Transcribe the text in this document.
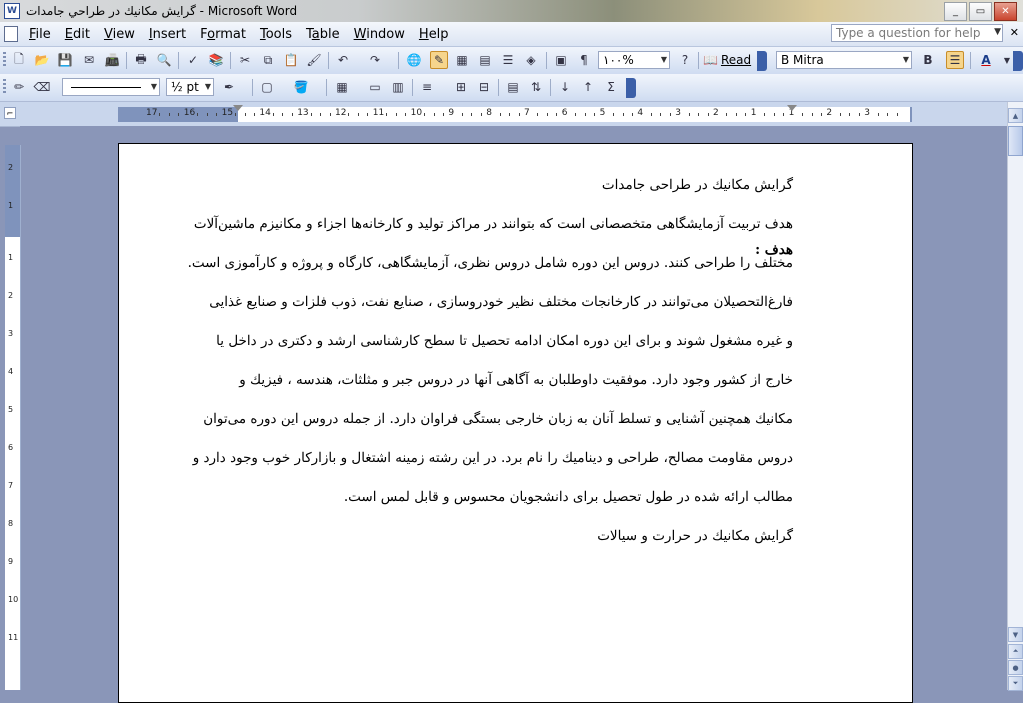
W گرايش مکانيك در طراحي جامدات - Microsoft Word	_	▭	✕
File	Edit	View	Insert	Format	Tools	Table	Window	Help	Type a question for help	▼ ✕
🗋 📂 💾 ✉ 📠 🖶 🔍	✓ 📚	✂	⧉ 📋 🖌	↶	↷	🌐	✎	▦ ▤ ☰	◈	▣	¶	۱۰۰%	▼	?	📖 Read	B Mitra	▼	B	☰	A	▼
✏ ⌫	▼	½ pt ▼	✒	▢ 🪣 ▦ ▭ ▥	≡	⊞	⊟	▤	⇅	↓	↑	Σ
⌐	17	16	15	14	13	12	11	10	9	8	7	6	5	4	3	2	1	1	2	3
2
1
1
2
3
4
5
6
7
8
9
10
11
هدف :
گرايش مکانيك در طراحی جامدات
هدف تربيت آزمايشگاهی متخصصانی است که بتوانند در مراکز توليد و کارخانه‌ها اجزاء و مکانيزم ماشين‌آلات
مختلف را طراحی کنند. دروس اين دوره شامل دروس نظری، آزمايشگاهی، کارگاه و پروژه و کارآموزی است.
فارغ‌التحصيلان می‌توانند در کارخانجات مختلف نظير خودروسازی ، صنايع نفت، ذوب فلزات و صنايع غذايی
و غيره مشغول شوند و برای اين دوره امکان ادامه تحصيل تا سطح کارشناسی ارشد و دکتری در داخل يا
خارج از کشور وجود دارد. موفقيت داوطلبان به آگاهی آنها در دروس جبر و مثلثات، هندسه ، فيزيك و
مکانيك همچنين آشنايی و تسلط آنان به زبان خارجی بستگی فراوان دارد. از جمله دروس اين دوره می‌توان
دروس مقاومت مصالح، طراحی و ديناميك را نام برد. در اين رشته زمينه اشتغال و بازارکار خوب وجود دارد و
مطالب ارائه شده در طول تحصيل برای دانشجويان محسوس و قابل لمس است.
گرايش مکانيك در حرارت و سيالات
▲
▼
⏶
●
⏷
